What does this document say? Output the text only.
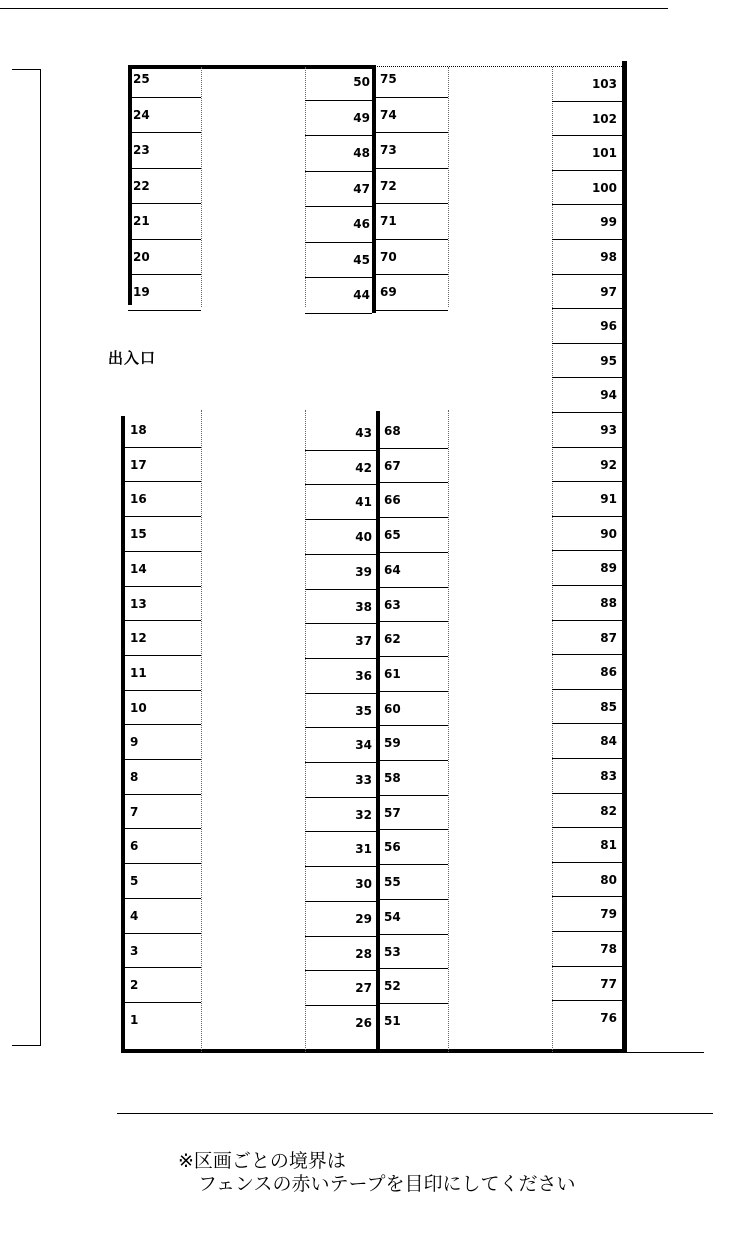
出入口
25
24
23
22
21
20
19
50
49
48
47
46
45
44
75
74
73
72
71
70
69
18
17
16
15
14
13
12
11
10
9
8
7
6
5
4
3
2
1
43
42
41
40
39
38
37
36
35
34
33
32
31
30
29
28
27
26
68
67
66
65
64
63
62
61
60
59
58
57
56
55
54
53
52
51
103
102
101
100
99
98
97
96
95
94
93
92
91
90
89
88
87
86
85
84
83
82
81
80
79
78
77
76
※区画ごとの境界は
フェンスの赤いテープを目印にしてください
